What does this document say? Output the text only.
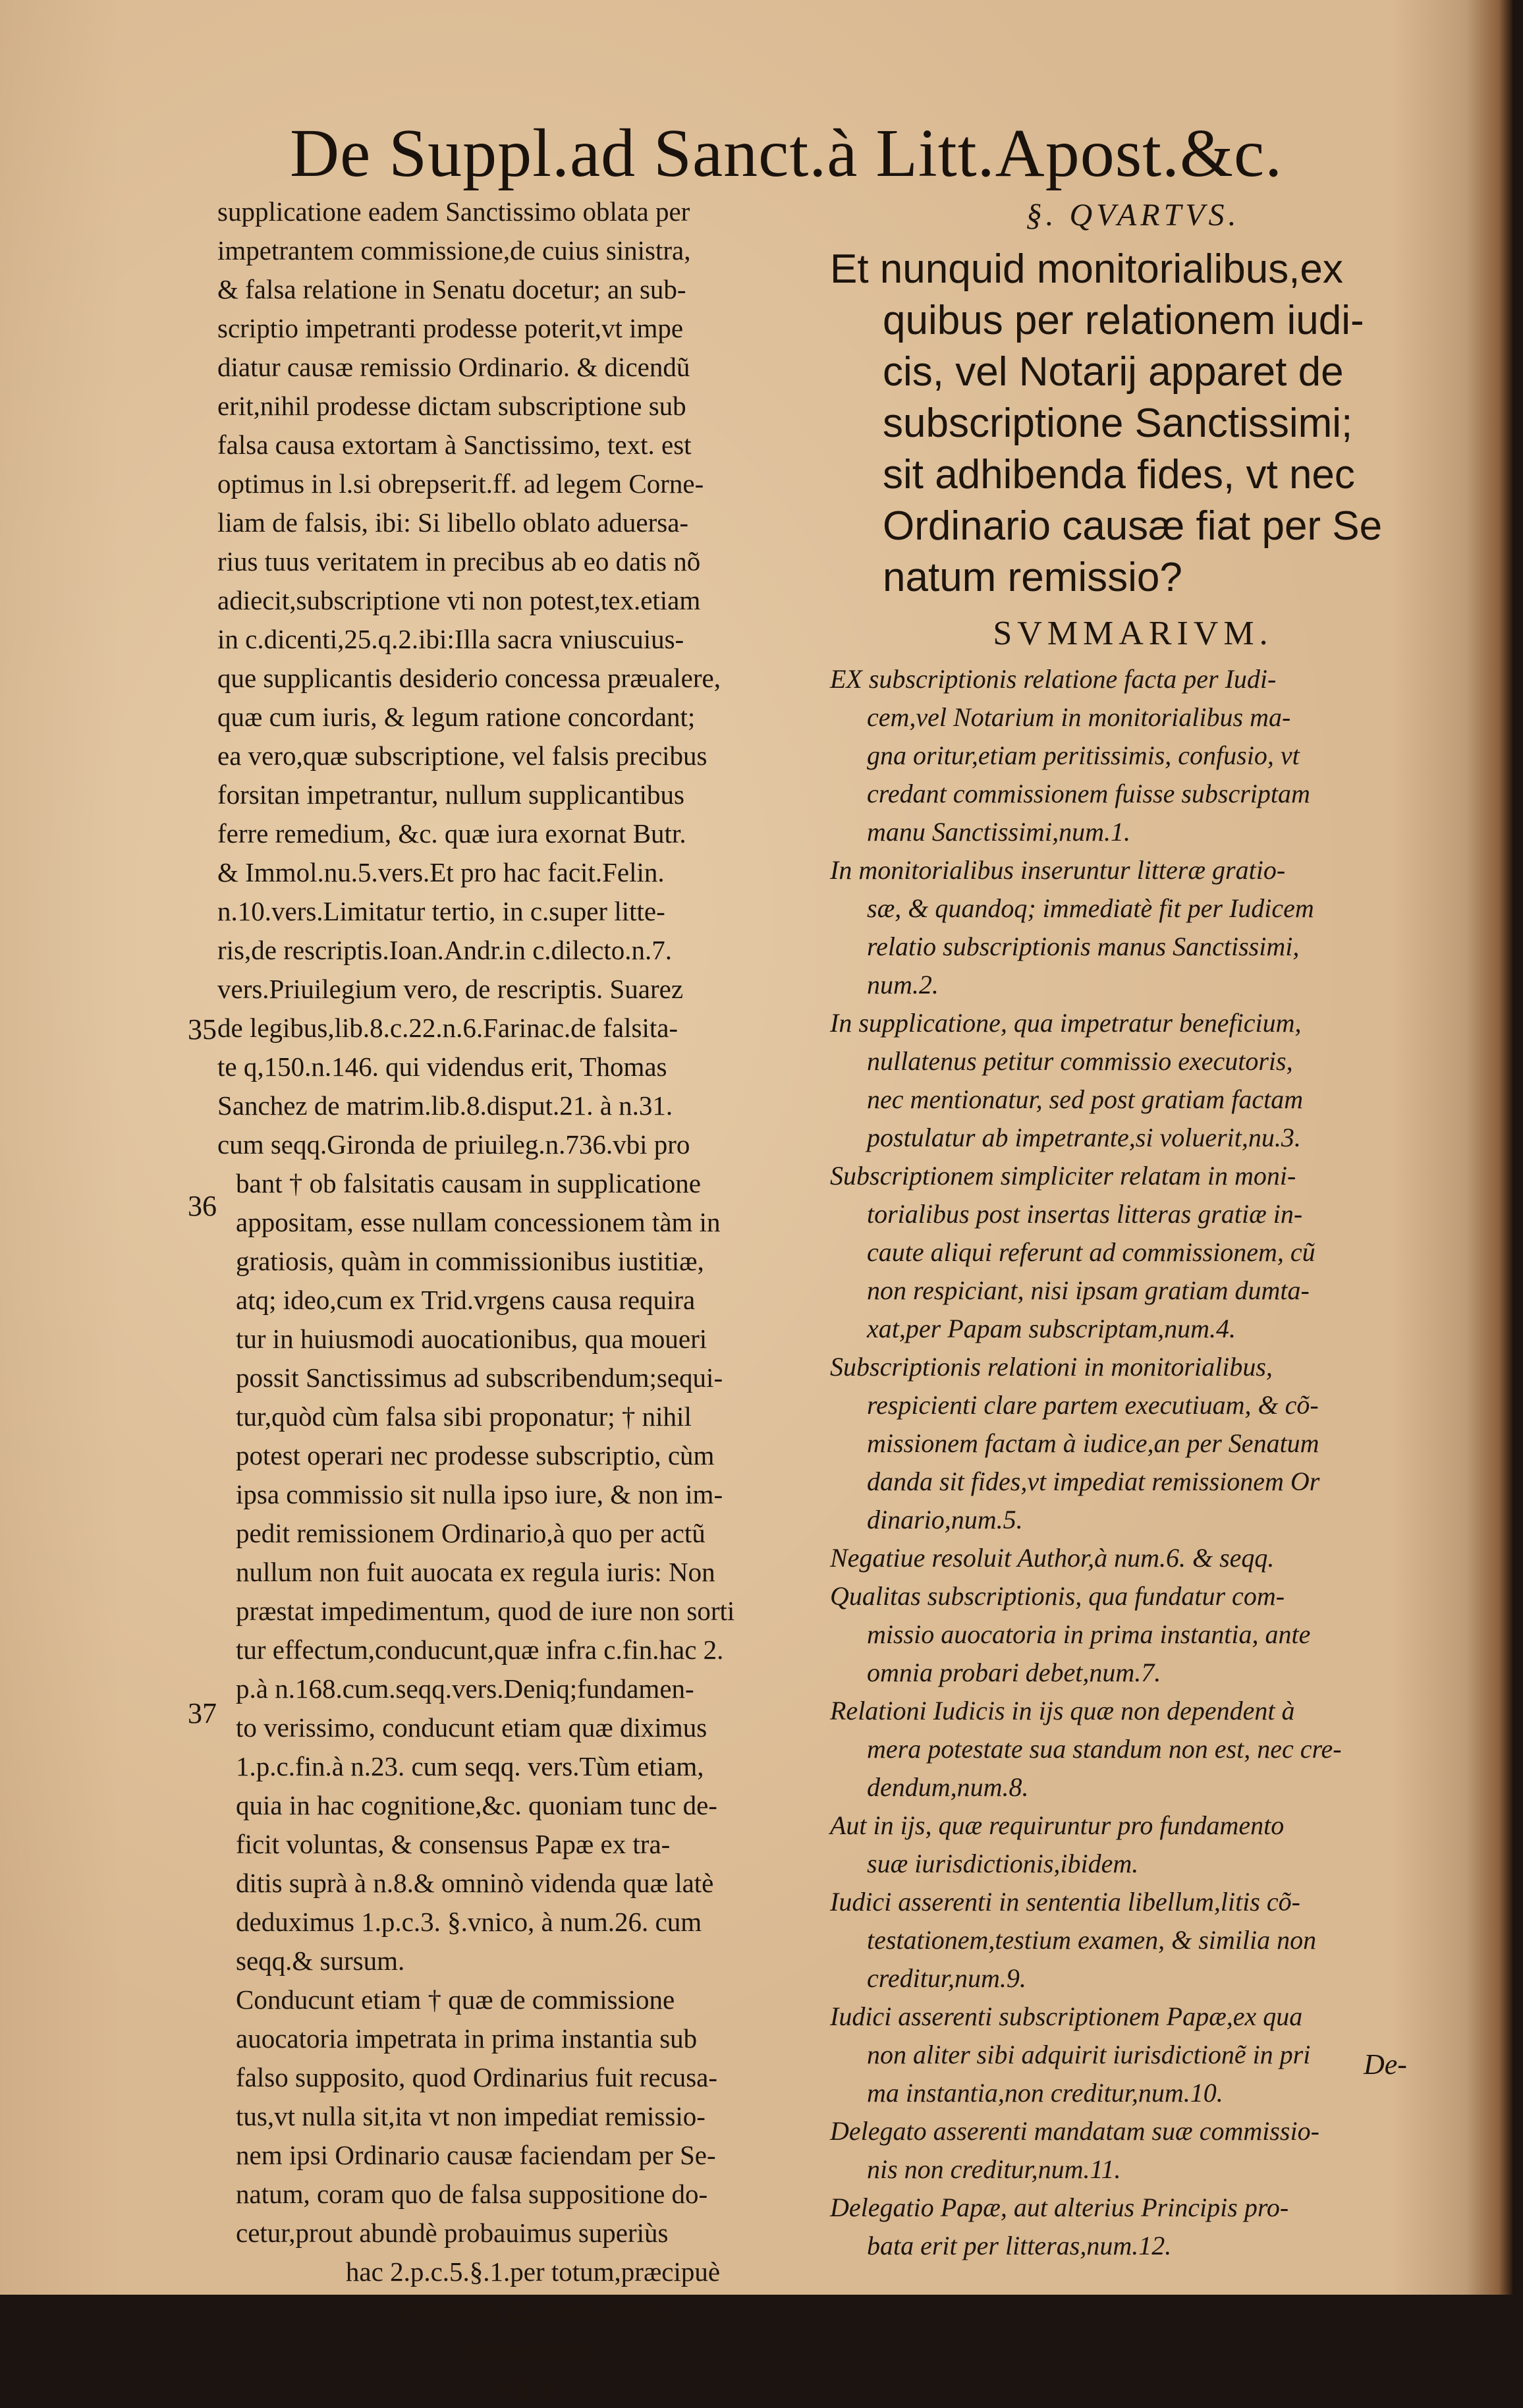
De Suppl.ad Sanct.à Litt.Apost.&c.
supplicatione eadem Sanctissimo oblata per
impetrantem commissione,de cuius sinistra,
& falsa relatione in Senatu docetur; an sub-
scriptio impetranti prodesse poterit,vt impe
diatur causæ remissio Ordinario. & dicendũ
erit,nihil prodesse dictam subscriptione sub
falsa causa extortam à Sanctissimo, text. est
optimus in l.si obrepserit.ff. ad legem Corne-
liam de falsis, ibi: Si libello oblato aduersa-
rius tuus veritatem in precibus ab eo datis nõ
adiecit,subscriptione vti non potest,tex.etiam
in c.dicenti,25.q.2.ibi:Illa sacra vniuscuius-
que supplicantis desiderio concessa præualere,
quæ cum iuris, & legum ratione concordant;
ea vero,quæ subscriptione, vel falsis precibus
forsitan impetrantur, nullum supplicantibus
ferre remedium, &c. quæ iura exornat Butr.
& Immol.nu.5.vers.Et pro hac facit.Felin.
n.10.vers.Limitatur tertio, in c.super litte-
ris,de rescriptis.Ioan.Andr.in c.dilecto.n.7.
vers.Priuilegium vero, de rescriptis. Suarez
de legibus,lib.8.c.22.n.6.Farinac.de falsita-
te q,150.n.146. qui videndus erit, Thomas
Sanchez de matrim.lib.8.disput.21. à n.31.
cum seqq.Gironda de priuileg.n.736.vbi pro
bant † ob falsitatis causam in supplicatione
appositam, esse nullam concessionem tàm in
gratiosis, quàm in commissionibus iustitiæ,
atq; ideo,cum ex Trid.vrgens causa requira
tur in huiusmodi auocationibus, qua moueri
possit Sanctissimus ad subscribendum;sequi-
tur,quòd cùm falsa sibi proponatur; † nihil
potest operari nec prodesse subscriptio, cùm
ipsa commissio sit nulla ipso iure, & non im-
pedit remissionem Ordinario,à quo per actũ
nullum non fuit auocata ex regula iuris: Non
præstat impedimentum, quod de iure non sorti
tur effectum,conducunt,quæ infra c.fin.hac 2.
p.à n.168.cum.seqq.vers.Deniq;fundamen-
to verissimo, conducunt etiam quæ diximus
1.p.c.fin.à n.23. cum seqq. vers.Tùm etiam,
quia in hac cognitione,&c. quoniam tunc de-
ficit voluntas, & consensus Papæ ex tra-
ditis suprà à n.8.& omninò videnda quæ latè
deduximus 1.p.c.3. §.vnico, à num.26. cum
seqq.& sursum.
Conducunt etiam † quæ de commissione
auocatoria impetrata in prima instantia sub
falso supposito, quod Ordinarius fuit recusa-
tus,vt nulla sit,ita vt non impediat remissio-
nem ipsi Ordinario causæ faciendam per Se-
natum, coram quo de falsa suppositione do-
cetur,prout abundè probauimus superiùs
hac 2.p.c.5.§.1.per totum,præcipuè
à numero 25. cum multis
sequentibus.
(·§·)
35
36
37
§. QVARTVS.
Et nunquid monitorialibus,ex
quibus per relationem iudi-
cis, vel Notarij apparet de
subscriptione Sanctissimi;
sit adhibenda fides, vt nec
Ordinario causæ fiat per Se
natum remissio?
SVMMARIVM.
EX subscriptionis relatione facta per Iudi-
cem,vel Notarium in monitorialibus ma-
gna oritur,etiam peritissimis, confusio, vt
credant commissionem fuisse subscriptam
manu Sanctissimi,num.1.
In monitorialibus inseruntur litteræ gratio-
sæ, & quandoq; immediatè fit per Iudicem
relatio subscriptionis manus Sanctissimi,
num.2.
In supplicatione, qua impetratur beneficium,
nullatenus petitur commissio executoris,
nec mentionatur, sed post gratiam factam
postulatur ab impetrante,si voluerit,nu.3.
Subscriptionem simpliciter relatam in moni-
torialibus post insertas litteras gratiæ in-
caute aliqui referunt ad commissionem, cũ
non respiciant, nisi ipsam gratiam dumta-
xat,per Papam subscriptam,num.4.
Subscriptionis relationi in monitorialibus,
respicienti clare partem executiuam, & cõ-
missionem factam à iudice,an per Senatum
danda sit fides,vt impediat remissionem Or
dinario,num.5.
Negatiue resoluit Author,à num.6. & seqq.
Qualitas subscriptionis, qua fundatur com-
missio auocatoria in prima instantia, ante
omnia probari debet,num.7.
Relationi Iudicis in ijs quæ non dependent à
mera potestate sua standum non est, nec cre-
dendum,num.8.
Aut in ijs, quæ requiruntur pro fundamento
suæ iurisdictionis,ibidem.
Iudici asserenti in sententia libellum,litis cõ-
testationem,testium examen, & similia non
creditur,num.9.
Iudici asserenti subscriptionem Papæ,ex qua
non aliter sibi adquirit iurisdictionẽ in pri
ma instantia,non creditur,num.10.
Delegato asserenti mandatam suæ commissio-
nis non creditur,num.11.
Delegatio Papæ, aut alterius Principis pro-
bata erit per litteras,num.12.
De-
